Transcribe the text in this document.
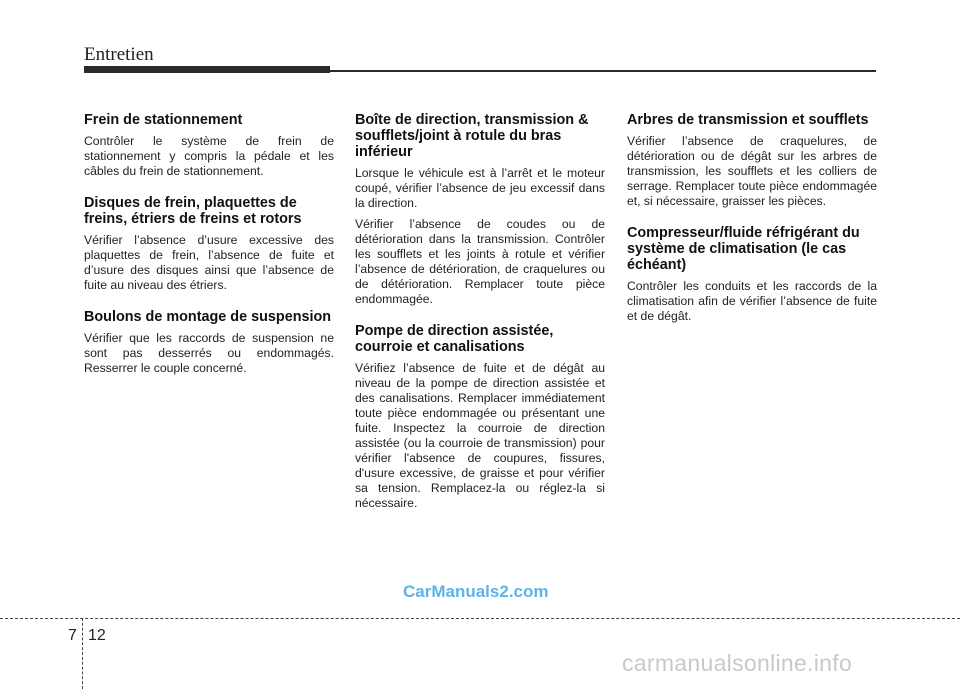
Entretien
Frein de stationnement

Contrôler le système de frein de stationnement y compris la pédale et les câbles du frein de stationnement.

Disques de frein, plaquettes de freins, étriers de freins et rotors

Vérifier l’absence d’usure excessive des plaquettes de frein, l’absence de fuite et d’usure des disques ainsi que l’absence de fuite au niveau des étriers.

Boulons de montage de suspension

Vérifier que les raccords de suspension ne sont pas desserrés ou endommagés. Resserrer le couple concerné.

Boîte de direction, transmission & soufflets/joint à rotule du bras inférieur

Lorsque le véhicule est à l’arrêt et le moteur coupé, vérifier l’absence de jeu excessif dans la direction.

Vérifier l’absence de coudes ou de détérioration dans la transmission. Contrôler les soufflets et les joints à rotule et vérifier l’absence de détérioration, de craquelures ou de détérioration. Remplacer toute pièce endommagée.

Pompe de direction assistée, courroie et canalisations

Vérifiez l’absence de fuite et de dégât au niveau de la pompe de direction assistée et des canalisations. Remplacer immédiatement toute pièce endommagée ou présentant une fuite. Inspectez la courroie de direction assistée (ou la courroie de transmission) pour vérifier l'absence de coupures, fissures, d'usure excessive, de graisse et pour vérifier sa tension. Remplacez-la ou réglez-la si nécessaire.

Arbres de transmission et soufflets

Vérifier l’absence de craquelures, de détérioration ou de dégât sur les arbres de transmission, les soufflets et les colliers de serrage. Remplacer toute pièce endommagée et, si nécessaire, graisser les pièces.

Compresseur/fluide réfrigérant du système de climatisation (le cas échéant)

Contrôler les conduits et les raccords de la climatisation afin de vérifier l’absence de fuite et de dégât.

CarManuals2.com
7 12
carmanualsonline.info
